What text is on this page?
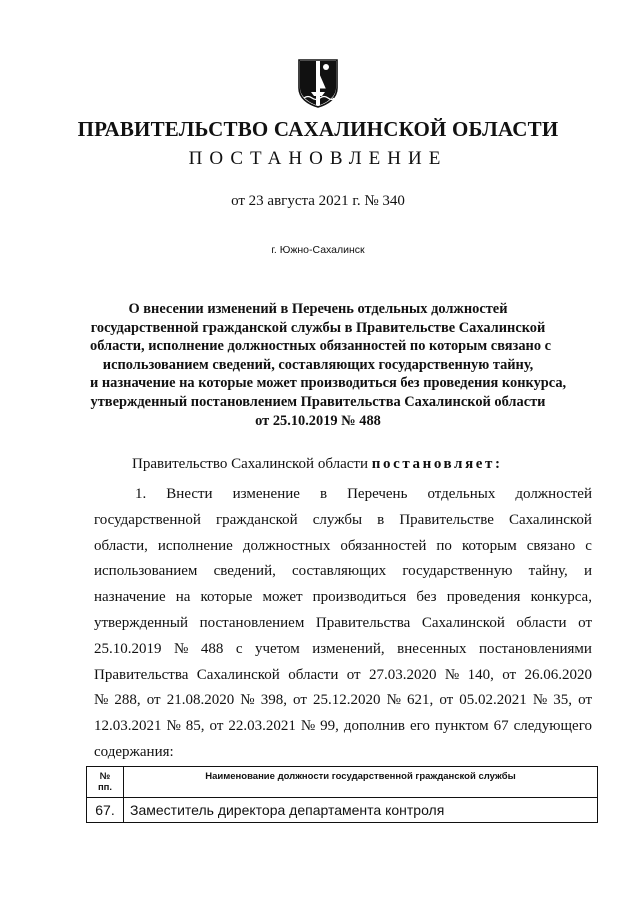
ПРАВИТЕЛЬСТВО САХАЛИНСКОЙ ОБЛАСТИ
ПОСТАНОВЛЕНИЕ
от 23 августа 2021 г. № 340
г. Южно-Сахалинск
О внесении изменений в Перечень отдельных должностей
государственной гражданской службы в Правительстве Сахалинской
области, исполнение должностных обязанностей по которым связано с
использованием сведений, составляющих государственную тайну,
и назначение на которые может производиться без проведения конкурса,
утвержденный постановлением Правительства Сахалинской области
от 25.10.2019 № 488
Правительство Сахалинской области постановляет:
1. Внести изменение в Перечень отдельных должностей
государственной гражданской службы в Правительстве Сахалинской
области, исполнение должностных обязанностей по которым связано с
использованием сведений, составляющих государственную тайну, и
назначение на которые может производиться без проведения конкурса,
утвержденный постановлением Правительства Сахалинской области от
25.10.2019 № 488 с учетом изменений, внесенных постановлениями
Правительства Сахалинской области от 27.03.2020 № 140, от 26.06.2020
№ 288, от 21.08.2020 № 398, от 25.12.2020 № 621, от 05.02.2021 № 35, от
12.03.2021 № 85, от 22.03.2021 № 99, дополнив его пунктом 67 следующего
содержания:
№
пп.	Наименование должности государственной гражданской службы
67.	Заместитель директора департамента контроля
